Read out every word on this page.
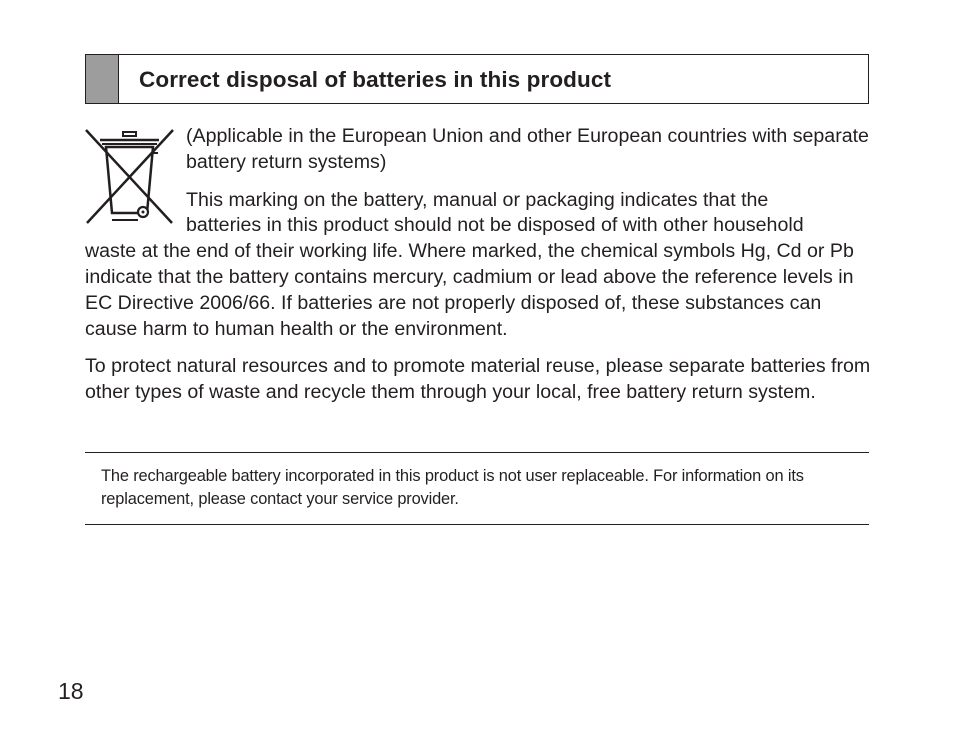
Correct disposal of batteries in this product

(Applicable in the European Union and other European countries with separate battery return systems)

This marking on the battery, manual or packaging indicates that the
batteries in this product should not be disposed of with other household
waste at the end of their working life. Where marked, the chemical symbols Hg, Cd or Pb indicate that the battery contains mercury, cadmium or lead above the reference levels in EC Directive 2006/66. If batteries are not properly disposed of, these substances can cause harm to human health or the environment.

To protect natural resources and to promote material reuse, please separate batteries from other types of waste and recycle them through your local, free battery return system.

The rechargeable battery incorporated in this product is not user replaceable. For information on its replacement, please contact your service provider.

18
